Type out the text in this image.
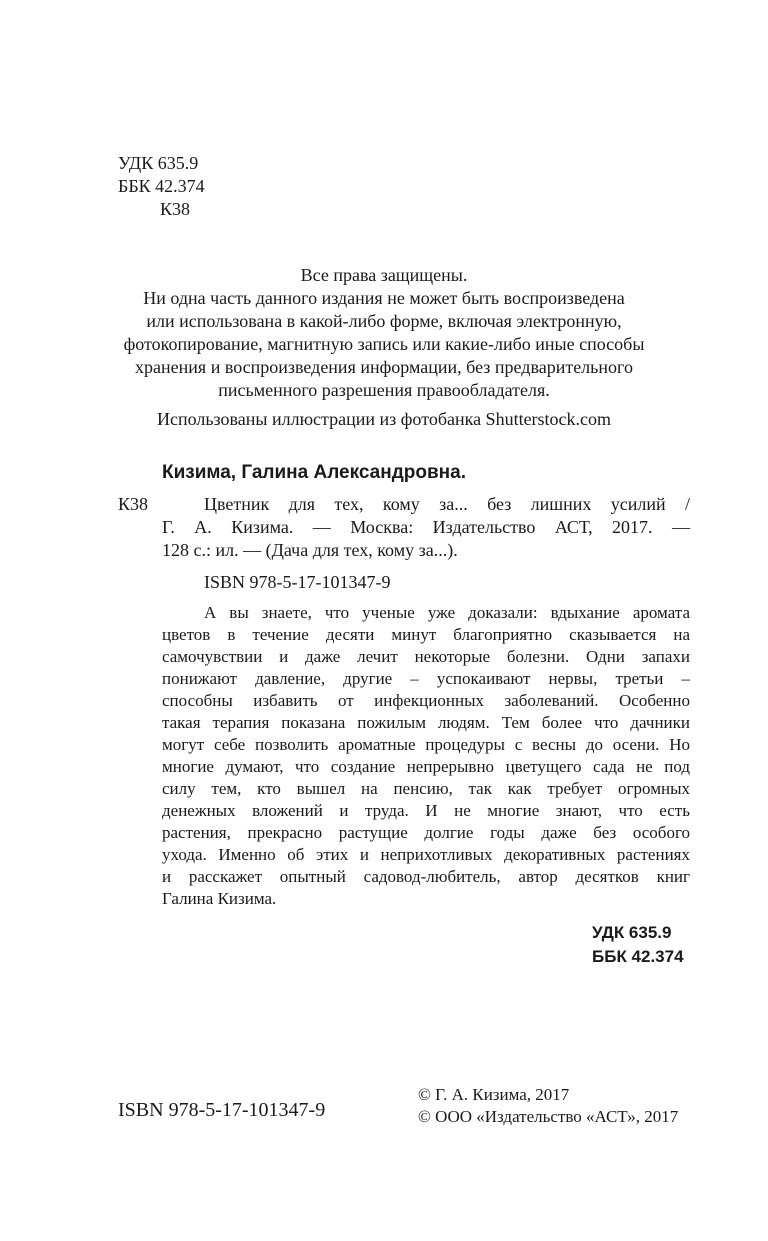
УДК 635.9
ББК 42.374
К38
Все права защищены.
Ни одна часть данного издания не может быть воспроизведена
или использована в какой-либо форме, включая электронную,
фотокопирование, магнитную запись или какие-либо иные способы
хранения и воспроизведения информации, без предварительного
письменного разрешения правообладателя.
Использованы иллюстрации из фотобанка Shutterstock.com
Кизима, Галина Александровна.
К38	Цветник для тех, кому за... без лишних усилий /
Г. А. Кизима. — Москва: Издательство АСТ, 2017. —
128 с.: ил. — (Дача для тех, кому за...).
ISBN 978-5-17-101347-9
А вы знаете, что ученые уже доказали: вдыхание аромата
цветов в течение десяти минут благоприятно сказывается на
самочувствии и даже лечит некоторые болезни. Одни запахи
понижают давление, другие – успокаивают нервы, третьи –
способны избавить от инфекционных заболеваний. Особенно
такая терапия показана пожилым людям. Тем более что дачники
могут себе позволить ароматные процедуры с весны до осени. Но
многие думают, что создание непрерывно цветущего сада не под
силу тем, кто вышел на пенсию, так как требует огромных
денежных вложений и труда. И не многие знают, что есть
растения, прекрасно растущие долгие годы даже без особого
ухода. Именно об этих и неприхотливых декоративных растениях
и расскажет опытный садовод-любитель, автор десятков книг
Галина Кизима.
УДК 635.9
ББК 42.374
ISBN 978-5-17-101347-9
© Г. А. Кизима, 2017
© ООО «Издательство «АСТ», 2017
